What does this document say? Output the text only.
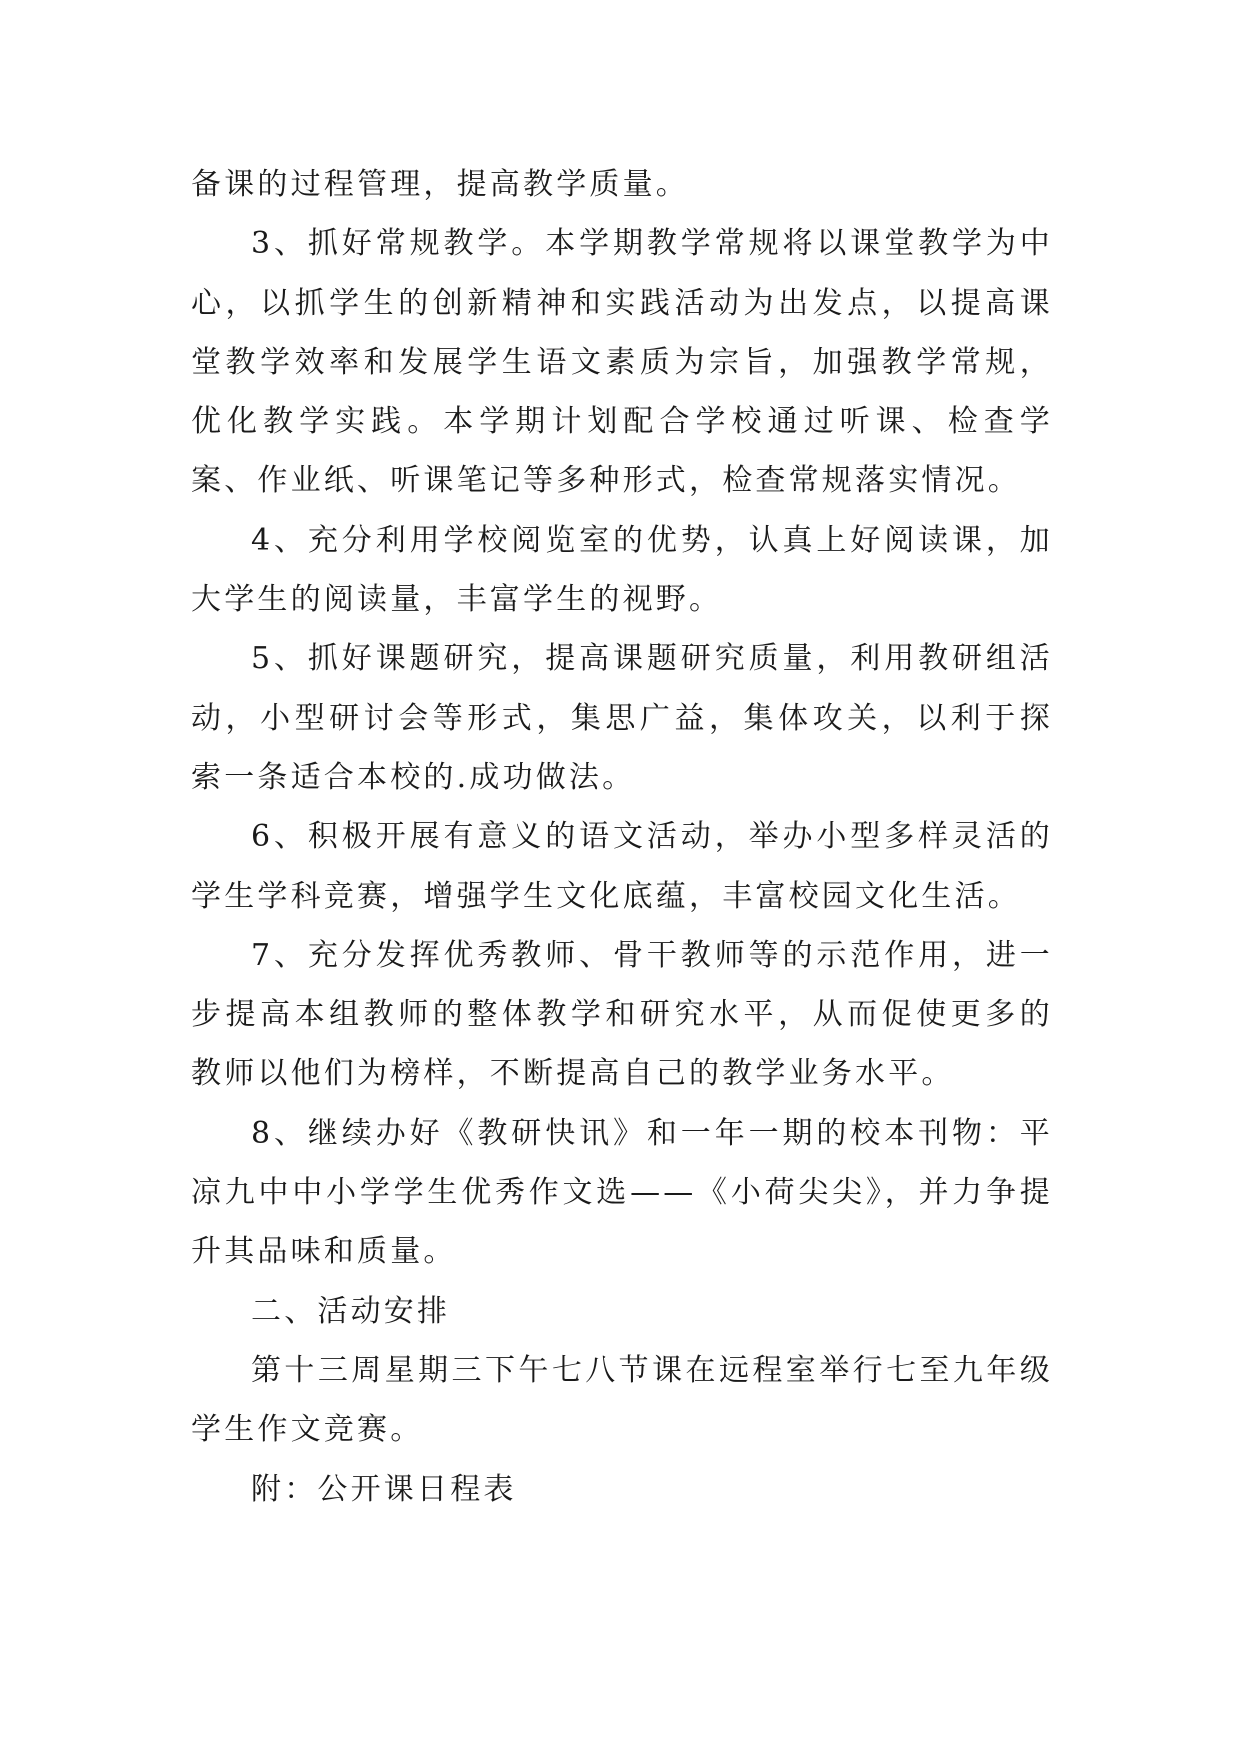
备课的过程管理，提高教学质量。

3、抓好常规教学。本学期教学常规将以课堂教学为中心，以抓学生的创新精神和实践活动为出发点，以提高课堂教学效率和发展学生语文素质为宗旨，加强教学常规，优化教学实践。本学期计划配合学校通过听课、检查学案、作业纸、听课笔记等多种形式，检查常规落实情况。

4、充分利用学校阅览室的优势，认真上好阅读课，加大学生的阅读量，丰富学生的视野。

5、抓好课题研究，提高课题研究质量，利用教研组活动，小型研讨会等形式，集思广益，集体攻关，以利于探索一条适合本校的.成功做法。

6、积极开展有意义的语文活动，举办小型多样灵活的学生学科竞赛，增强学生文化底蕴，丰富校园文化生活。

7、充分发挥优秀教师、骨干教师等的示范作用，进一步提高本组教师的整体教学和研究水平，从而促使更多的教师以他们为榜样，不断提高自己的教学业务水平。

8、继续办好《教研快讯》和一年一期的校本刊物：平凉九中中小学学生优秀作文选——《小荷尖尖》，并力争提升其品味和质量。

二、活动安排

第十三周星期三下午七八节课在远程室举行七至九年级学生作文竞赛。

附：公开课日程表
